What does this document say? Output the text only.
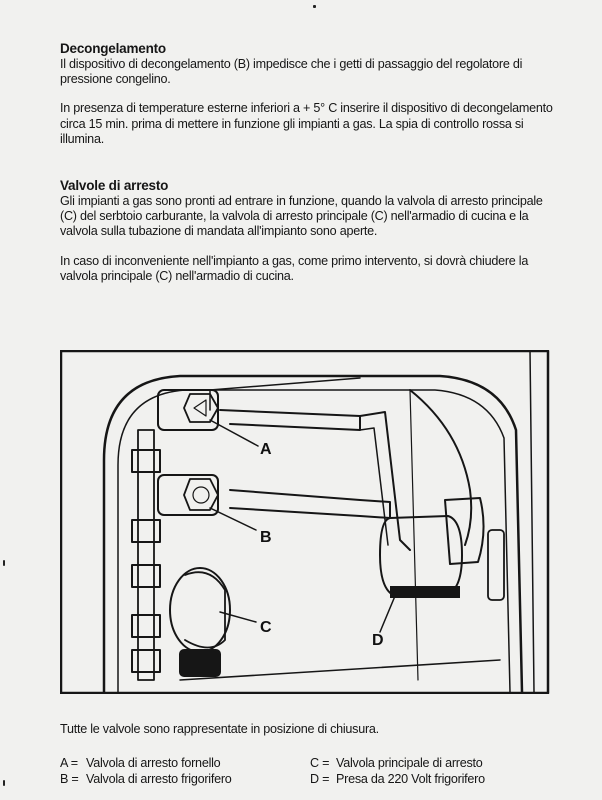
Decongelamento

Il dispositivo di decongelamento (B) impedisce che i getti di passaggio del regolatore di pressione congelino.

In presenza di temperature esterne inferiori a + 5° C inserire il dispositivo di decongelamento circa 15 min. prima di mettere in funzione gli impianti a gas. La spia di controllo rossa si illumina.

Valvole di arresto

Gli impianti a gas sono pronti ad entrare in funzione, quando la valvola di arresto principale (C) del serbtoio carburante, la valvola di arresto principale (C) nell'armadio di cucina e la valvola sulla tubazione di mandata all'impianto sono aperte.

In caso di inconveniente nell'impianto a gas, come primo intervento, si dovrà chiudere la valvola principale (C) nell'armadio di cucina.

A
B
C
D

Tutte le valvole sono rappresentate in posizione di chiusura.

A = Valvola di arresto fornello	C = Valvola principale di arresto
B = Valvola di arresto frigorifero	D = Presa da 220 Volt frigorifero
